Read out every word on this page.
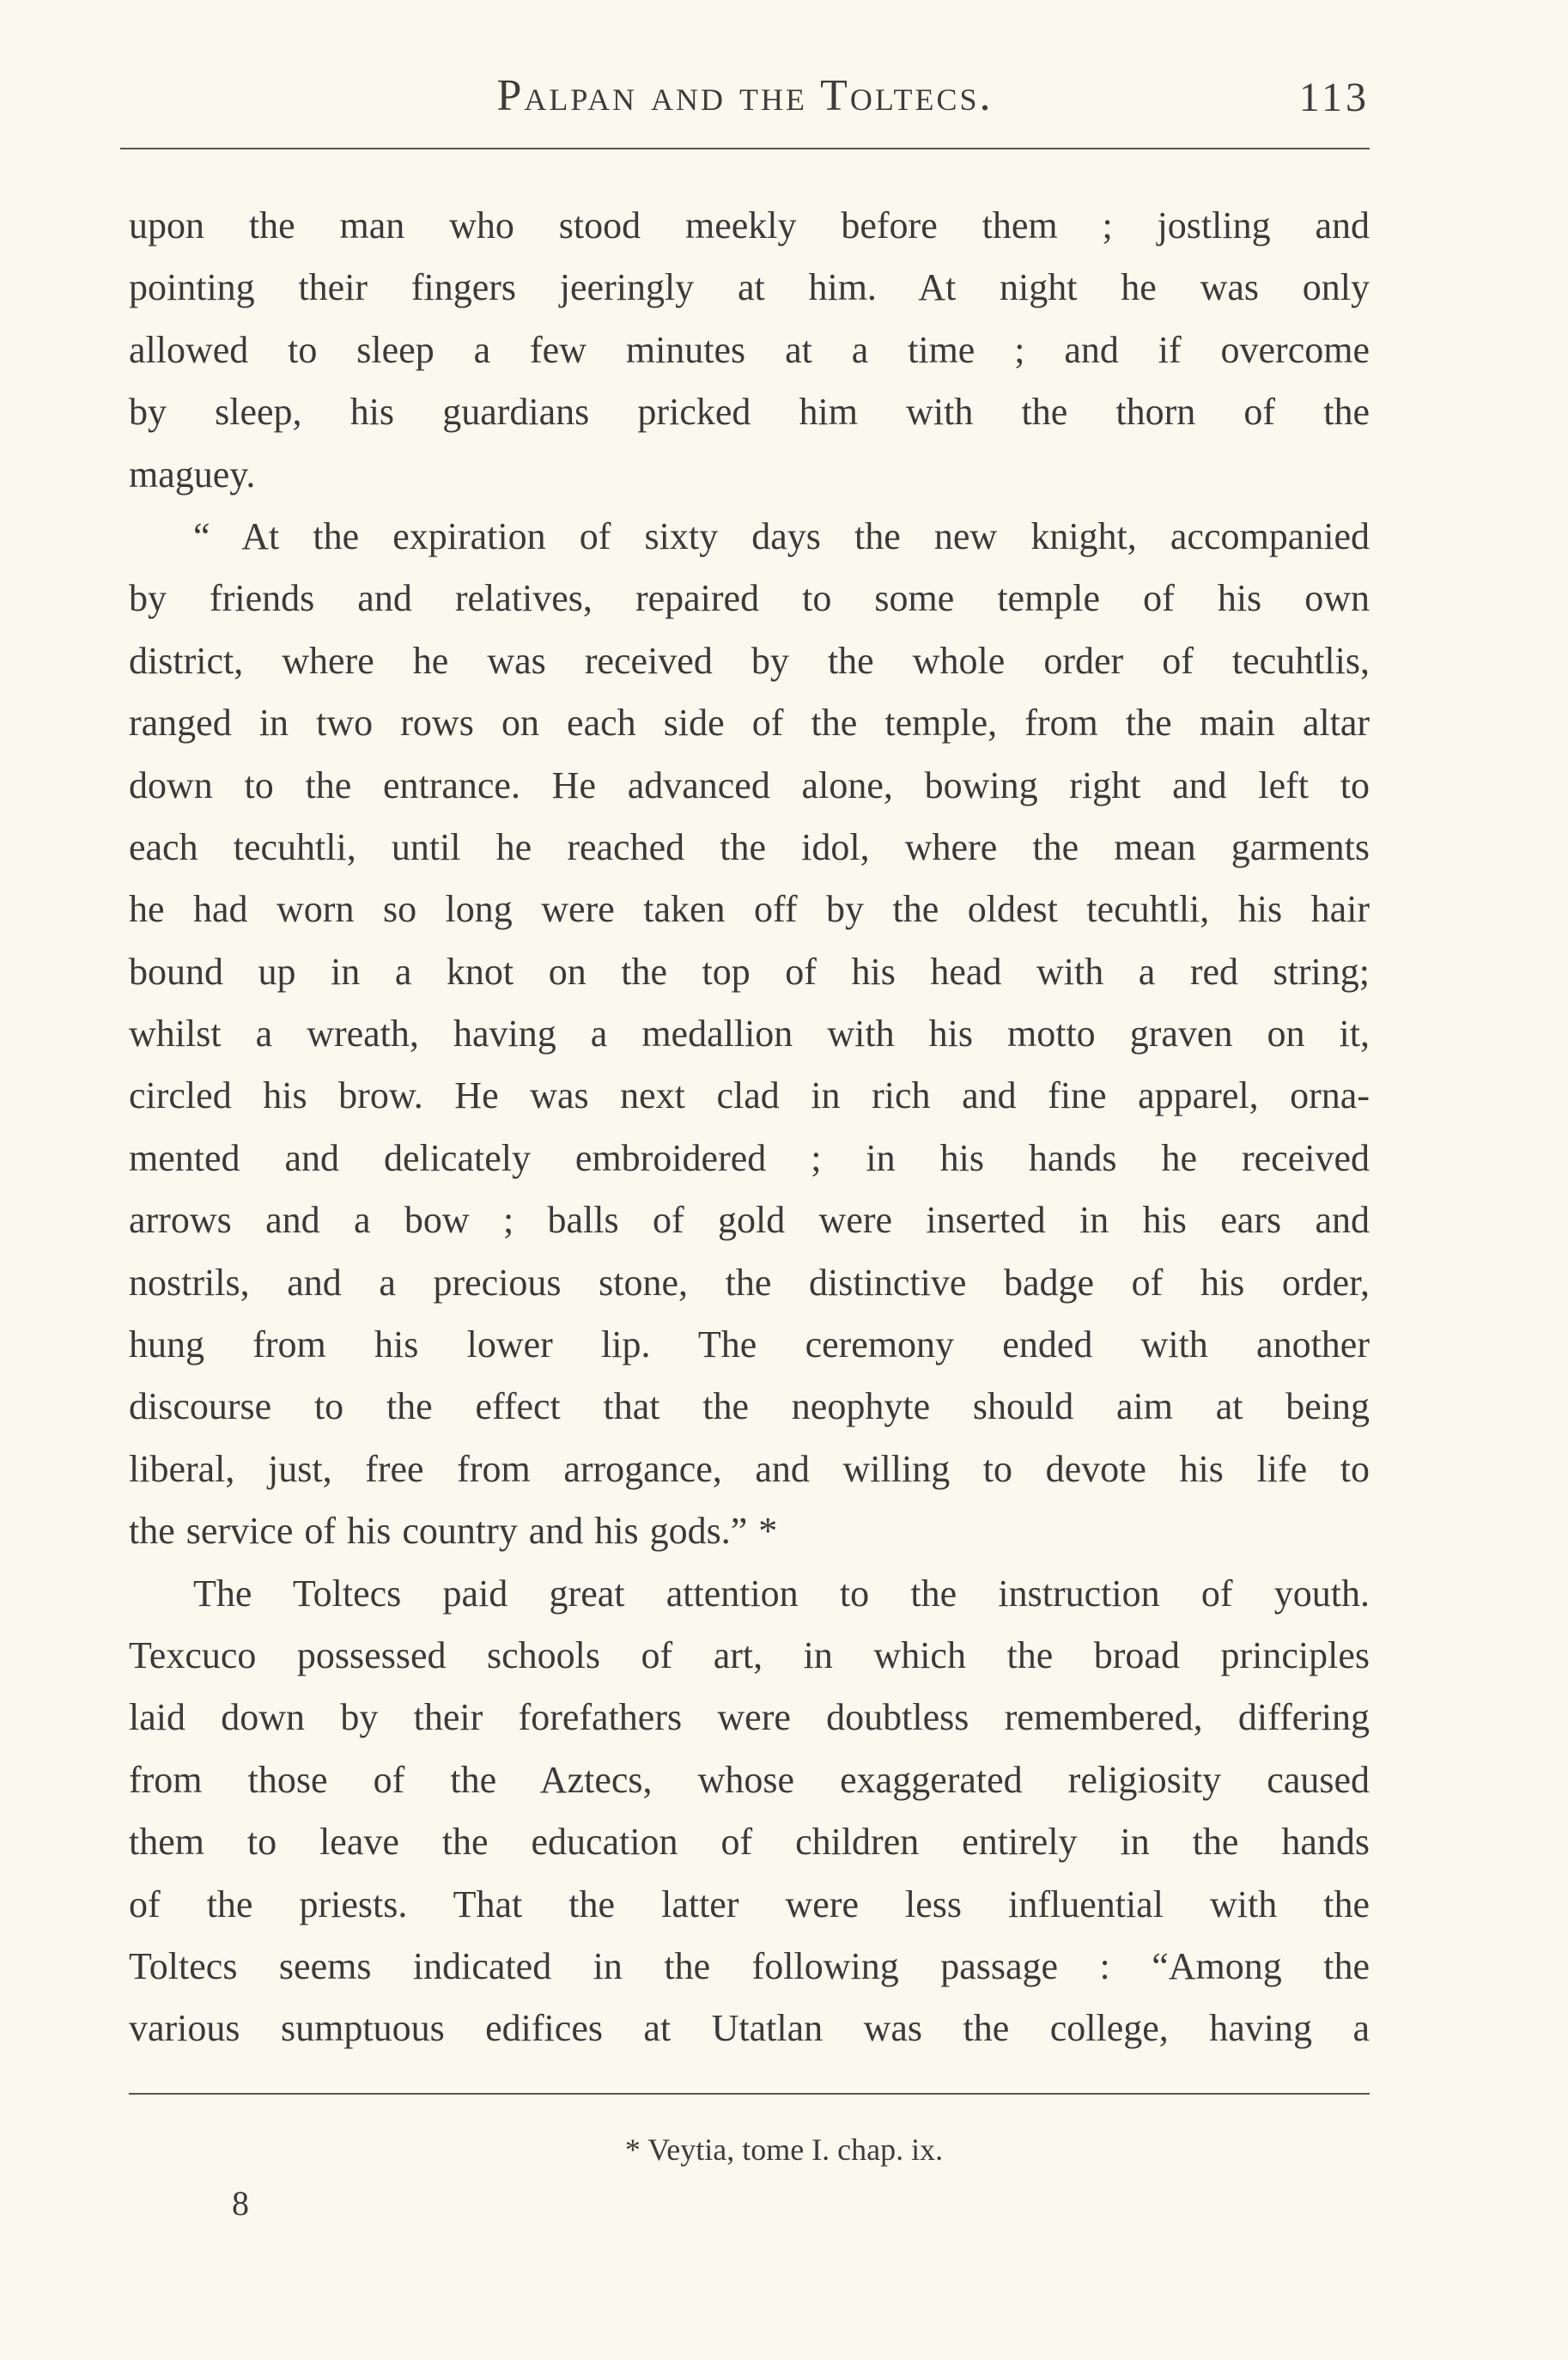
Palpan and the Toltecs.	113
upon the man who stood meekly before them ; jostling and
pointing their fingers jeeringly at him. At night he was only
allowed to sleep a few minutes at a time ; and if overcome
by sleep, his guardians pricked him with the thorn of the
maguey.
“ At the expiration of sixty days the new knight, accompanied
by friends and relatives, repaired to some temple of his own
district, where he was received by the whole order of tecuhtlis,
ranged in two rows on each side of the temple, from the main altar
down to the entrance. He advanced alone, bowing right and left to
each tecuhtli, until he reached the idol, where the mean garments
he had worn so long were taken off by the oldest tecuhtli, his hair
bound up in a knot on the top of his head with a red string;
whilst a wreath, having a medallion with his motto graven on it,
circled his brow. He was next clad in rich and fine apparel, orna-
mented and delicately embroidered ; in his hands he received
arrows and a bow ; balls of gold were inserted in his ears and
nostrils, and a precious stone, the distinctive badge of his order,
hung from his lower lip. The ceremony ended with another
discourse to the effect that the neophyte should aim at being
liberal, just, free from arrogance, and willing to devote his life to
the service of his country and his gods.” *
The Toltecs paid great attention to the instruction of youth.
Texcuco possessed schools of art, in which the broad principles
laid down by their forefathers were doubtless remembered, differing
from those of the Aztecs, whose exaggerated religiosity caused
them to leave the education of children entirely in the hands
of the priests. That the latter were less influential with the
Toltecs seems indicated in the following passage : “Among the
various sumptuous edifices at Utatlan was the college, having a
* Veytia, tome I. chap. ix.
8
